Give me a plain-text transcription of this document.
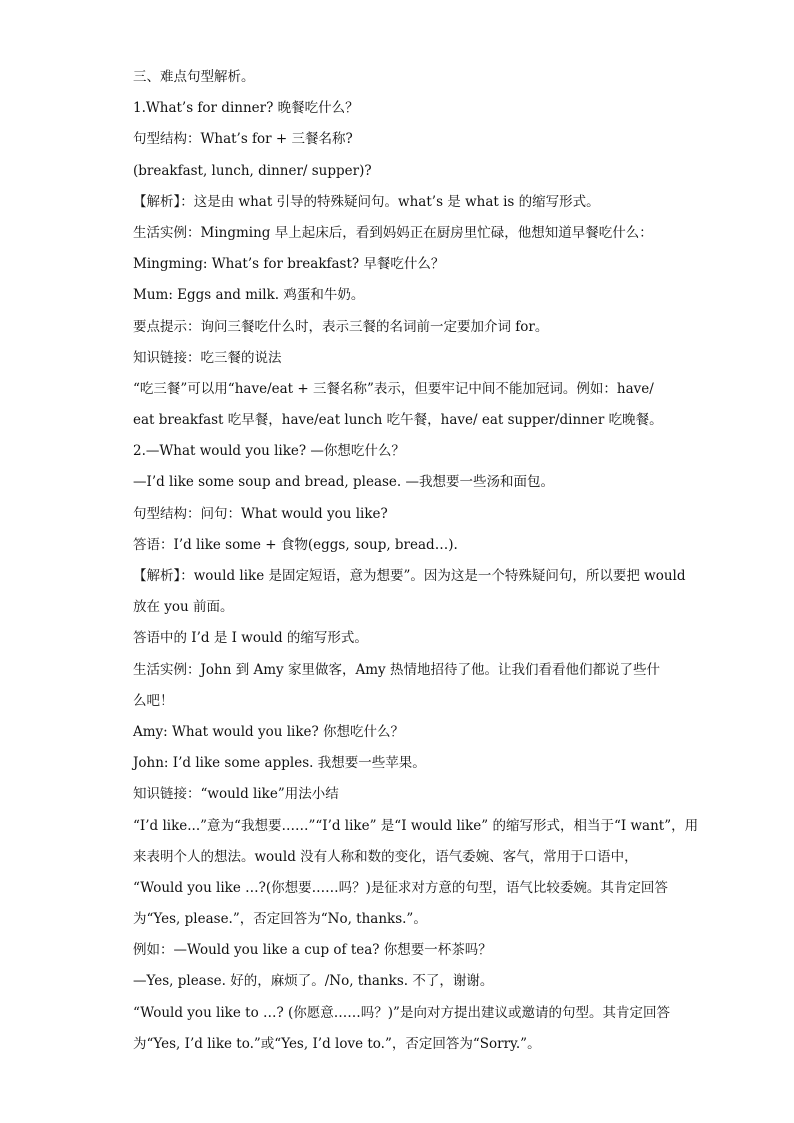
三、难点句型解析。
1.What’s for dinner? 晚餐吃什么？
句型结构：What’s for + 三餐名称?
(breakfast, lunch, dinner/ supper)?
【解析】：这是由 what 引导的特殊疑问句。what’s 是 what is 的缩写形式。
生活实例：Mingming 早上起床后，看到妈妈正在厨房里忙碌，他想知道早餐吃什么：
Mingming: What’s for breakfast? 早餐吃什么？
Mum: Eggs and milk. 鸡蛋和牛奶。
要点提示：询问三餐吃什么时，表示三餐的名词前一定要加介词 for。
知识链接：吃三餐的说法
“吃三餐”可以用“have/eat + 三餐名称”表示，但要牢记中间不能加冠词。例如：have/
eat breakfast 吃早餐，have/eat lunch 吃午餐，have/ eat supper/dinner 吃晚餐。
2.—What would you like? —你想吃什么？
—I’d like some soup and bread, please. —我想要一些汤和面包。
句型结构：问句：What would you like?
答语：I’d like some + 食物(eggs, soup, bread…).
【解析】：would like 是固定短语，意为想要”。因为这是一个特殊疑问句，所以要把 would
放在 you 前面。
答语中的 I’d 是 I would 的缩写形式。
生活实例：John 到 Amy 家里做客，Amy 热情地招待了他。让我们看看他们都说了些什
么吧！
Amy: What would you like? 你想吃什么？
John: I’d like some apples. 我想要一些苹果。
知识链接：“would like”用法小结
“I’d like...”意为“我想要……”“I’d like” 是“I would like” 的缩写形式，相当于“I want”，用
来表明个人的想法。would 没有人称和数的变化，语气委婉、客气，常用于口语中，
“Would you like …?(你想要……吗？)是征求对方意的句型，语气比较委婉。其肯定回答
为“Yes, please.”，否定回答为“No, thanks.”。
例如：—Would you like a cup of tea? 你想要一杯茶吗？
—Yes, please. 好的，麻烦了。/No, thanks. 不了，谢谢。
“Would you like to …? (你愿意……吗？)”是向对方提出建议或邀请的句型。其肯定回答
为“Yes, I’d like to.”或“Yes, I’d love to.”，否定回答为“Sorry.”。
